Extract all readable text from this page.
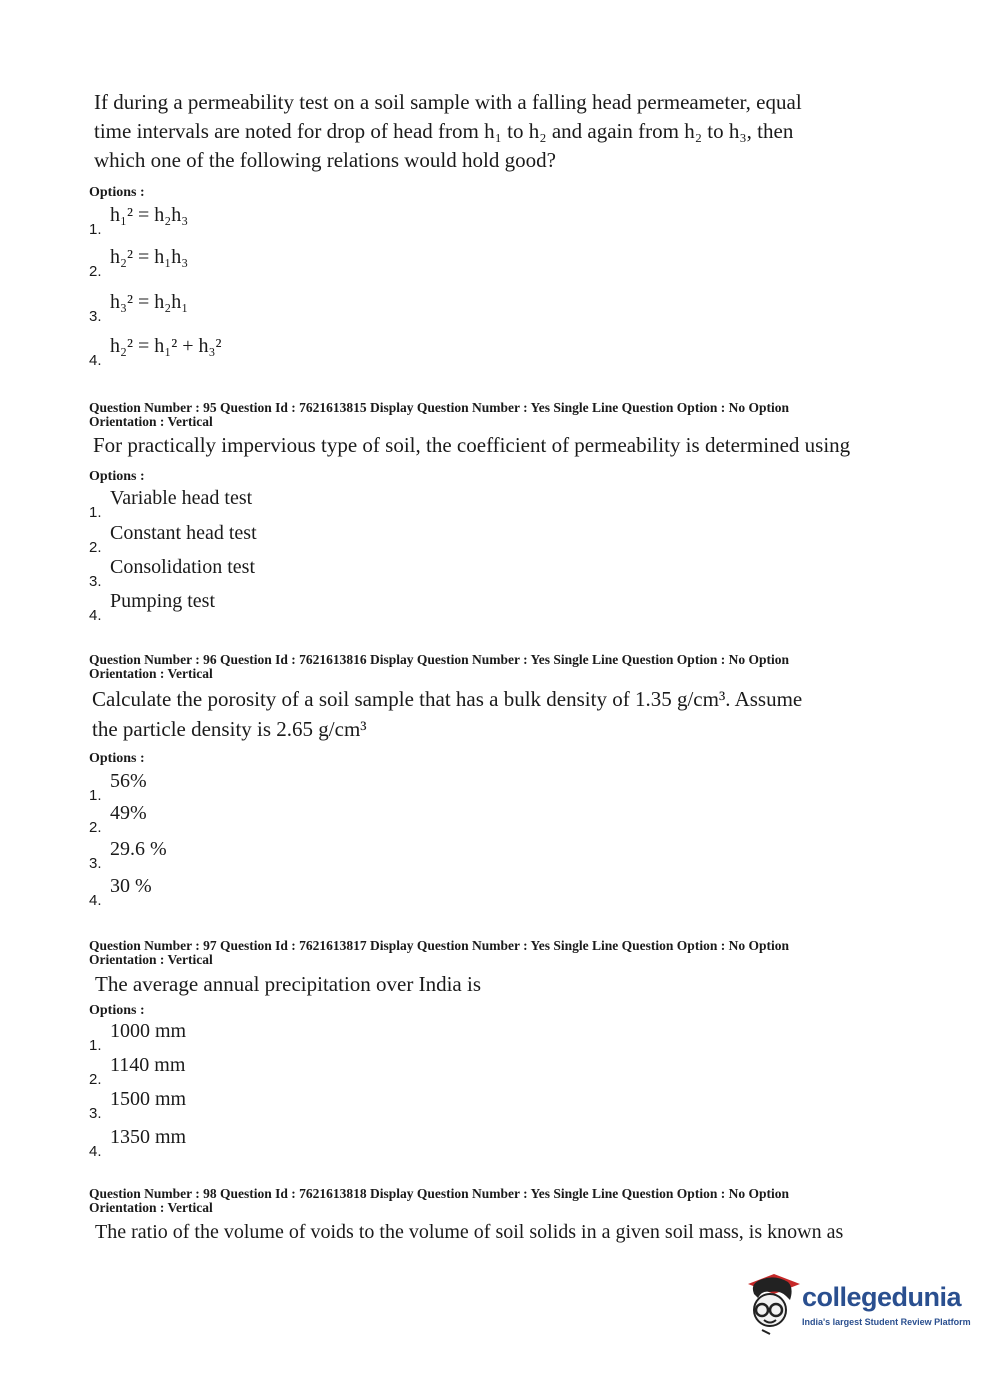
If during a permeability test on a soil sample with a falling head permeameter, equal
time intervals are noted for drop of head from h₁ to h₂ and again from h₂ to h₃, then
which one of the following relations would hold good?
Options :
1.
h₁² = h₂h₃
2.
h₂² = h₁h₃
3.
h₃² = h₂h₁
4.
h₂² = h₁² + h₃²
Question Number : 95 Question Id : 7621613815 Display Question Number : Yes Single Line Question Option : No Option
Orientation : Vertical
For practically impervious type of soil, the coefficient of permeability is determined using
Options :
1.
Variable head test
2.
Constant head test
3.
Consolidation test
4.
Pumping test
Question Number : 96 Question Id : 7621613816 Display Question Number : Yes Single Line Question Option : No Option
Orientation : Vertical
Calculate the porosity of a soil sample that has a bulk density of 1.35 g/cm³. Assume
the particle density is 2.65 g/cm³
Options :
1.
56%
2.
49%
3.
29.6 %
4.
30 %
Question Number : 97 Question Id : 7621613817 Display Question Number : Yes Single Line Question Option : No Option
Orientation : Vertical
The average annual precipitation over India is
Options :
1.
1000 mm
2.
1140 mm
3.
1500 mm
4.
1350 mm
Question Number : 98 Question Id : 7621613818 Display Question Number : Yes Single Line Question Option : No Option
Orientation : Vertical
The ratio of the volume of voids to the volume of soil solids in a given soil mass, is known as
collegedunia
India's largest Student Review Platform
